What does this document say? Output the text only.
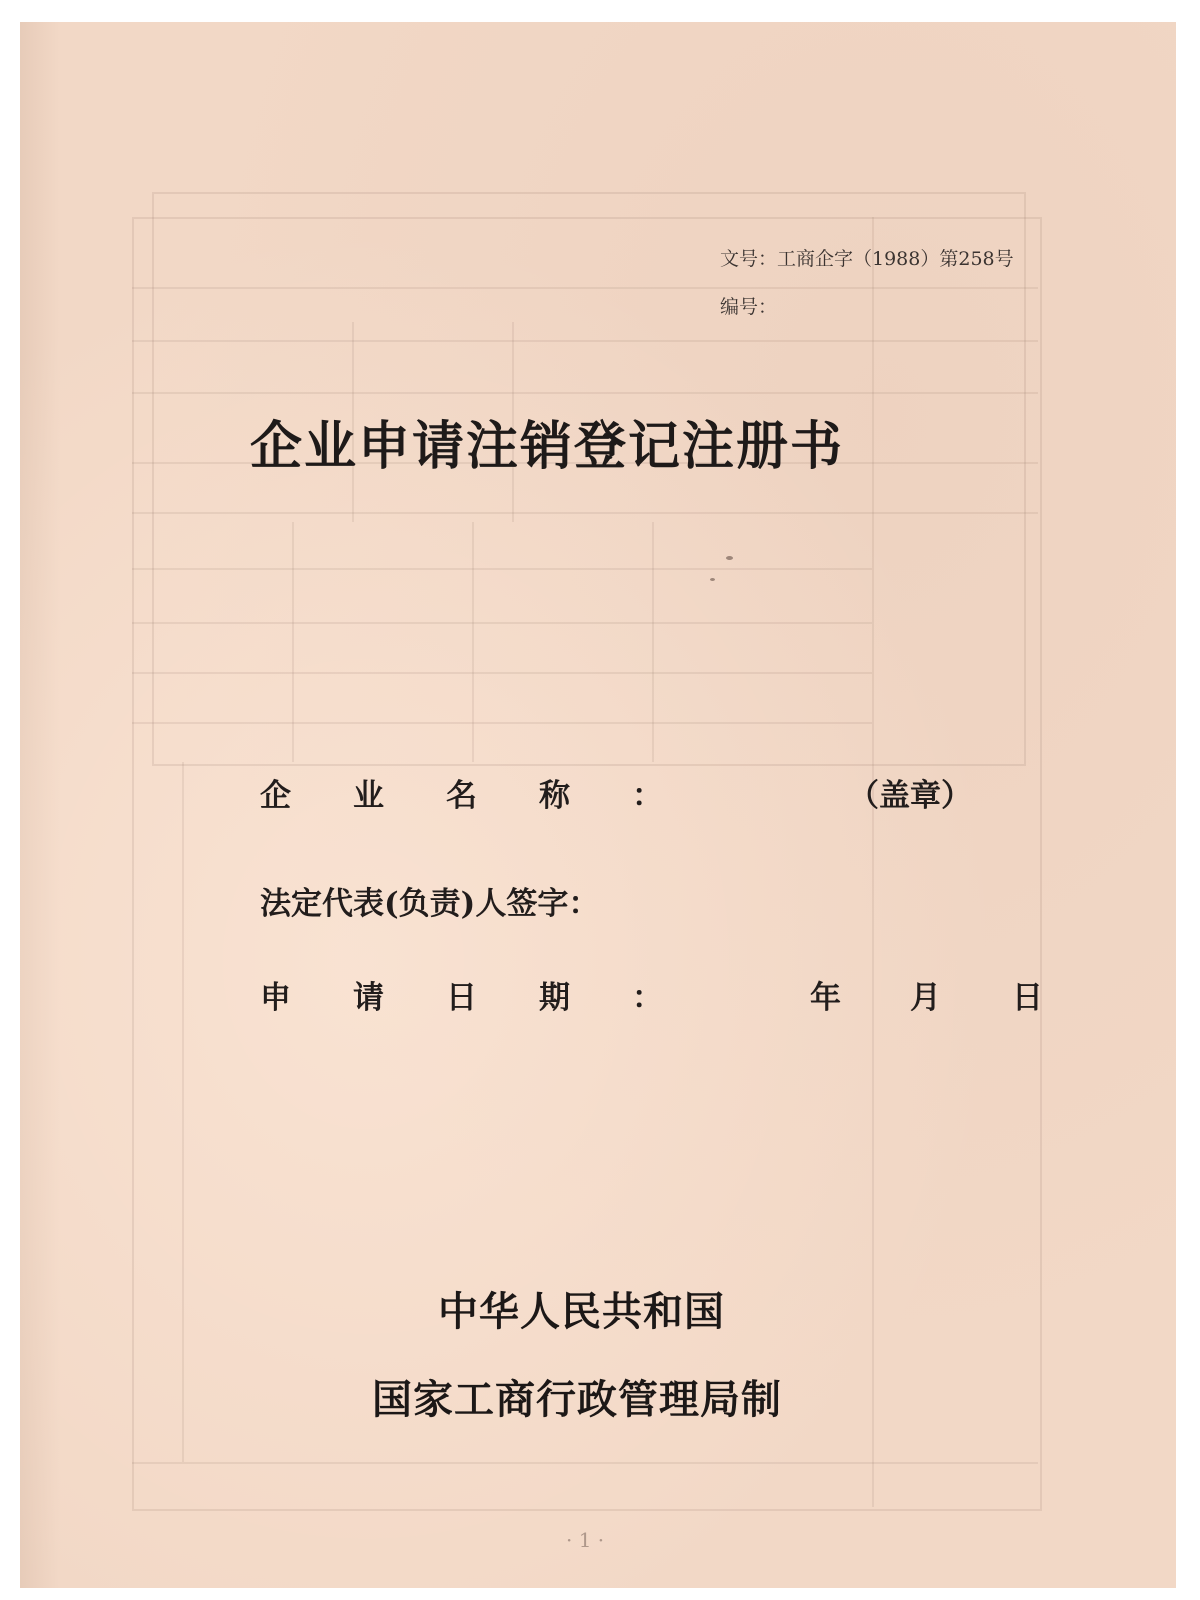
文号：工商企字（1988）第258号
编号：
企业申请注销登记注册书
企业名称：	（盖章）
法定代表(负责)人签字：
申请日期：	年 月 日
中华人民共和国
国家工商行政管理局制
· 1 ·
